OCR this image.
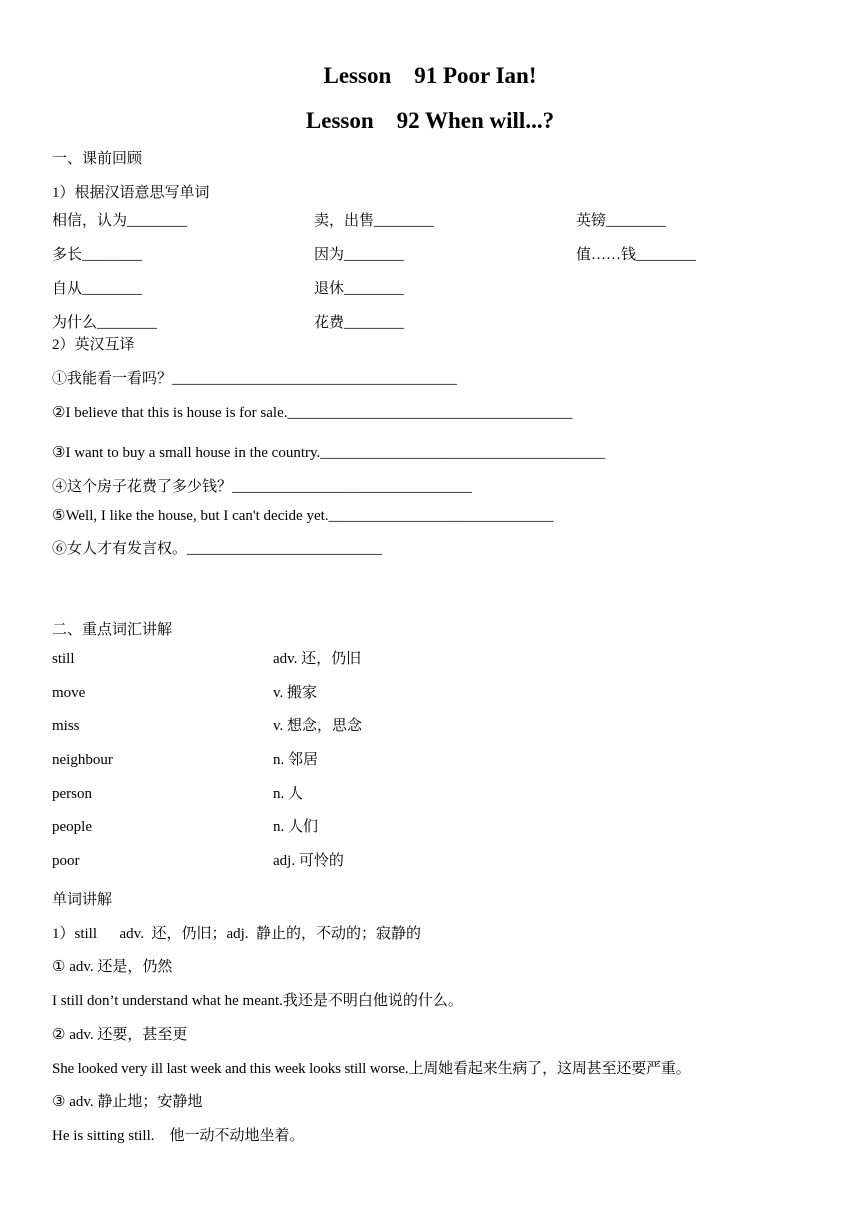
Lesson    91 Poor Ian!
Lesson    92 When will...?
一、课前回顾
1）根据汉语意思写单词
相信，认为________	卖，出售________	英镑________
多长________	因为________	值……钱________
自从________	退休________
为什么________	花费________
2）英汉互译
①我能看一看吗？______________________________________
②I believe that this is house is for sale.______________________________________
③I want to buy a small house in the country.______________________________________
④这个房子花费了多少钱？________________________________
⑤Well, I like the house, but I can't decide yet.______________________________
⑥女人才有发言权。__________________________
二、重点词汇讲解
still	adv. 还，仍旧
move	v. 搬家
miss	v. 想念，思念
neighbour	n. 邻居
person	n. 人
people	n. 人们
poor	adj. 可怜的
单词讲解
1）still      adv.  还，仍旧；adj.  静止的，不动的；寂静的
① adv. 还是，仍然
I still don’t understand what he meant.我还是不明白他说的什么。
② adv. 还要，甚至更
She looked very ill last week and this week looks still worse.上周她看起来生病了，这周甚至还要严重。
③ adv. 静止地；安静地
He is sitting still.    他一动不动地坐着。
